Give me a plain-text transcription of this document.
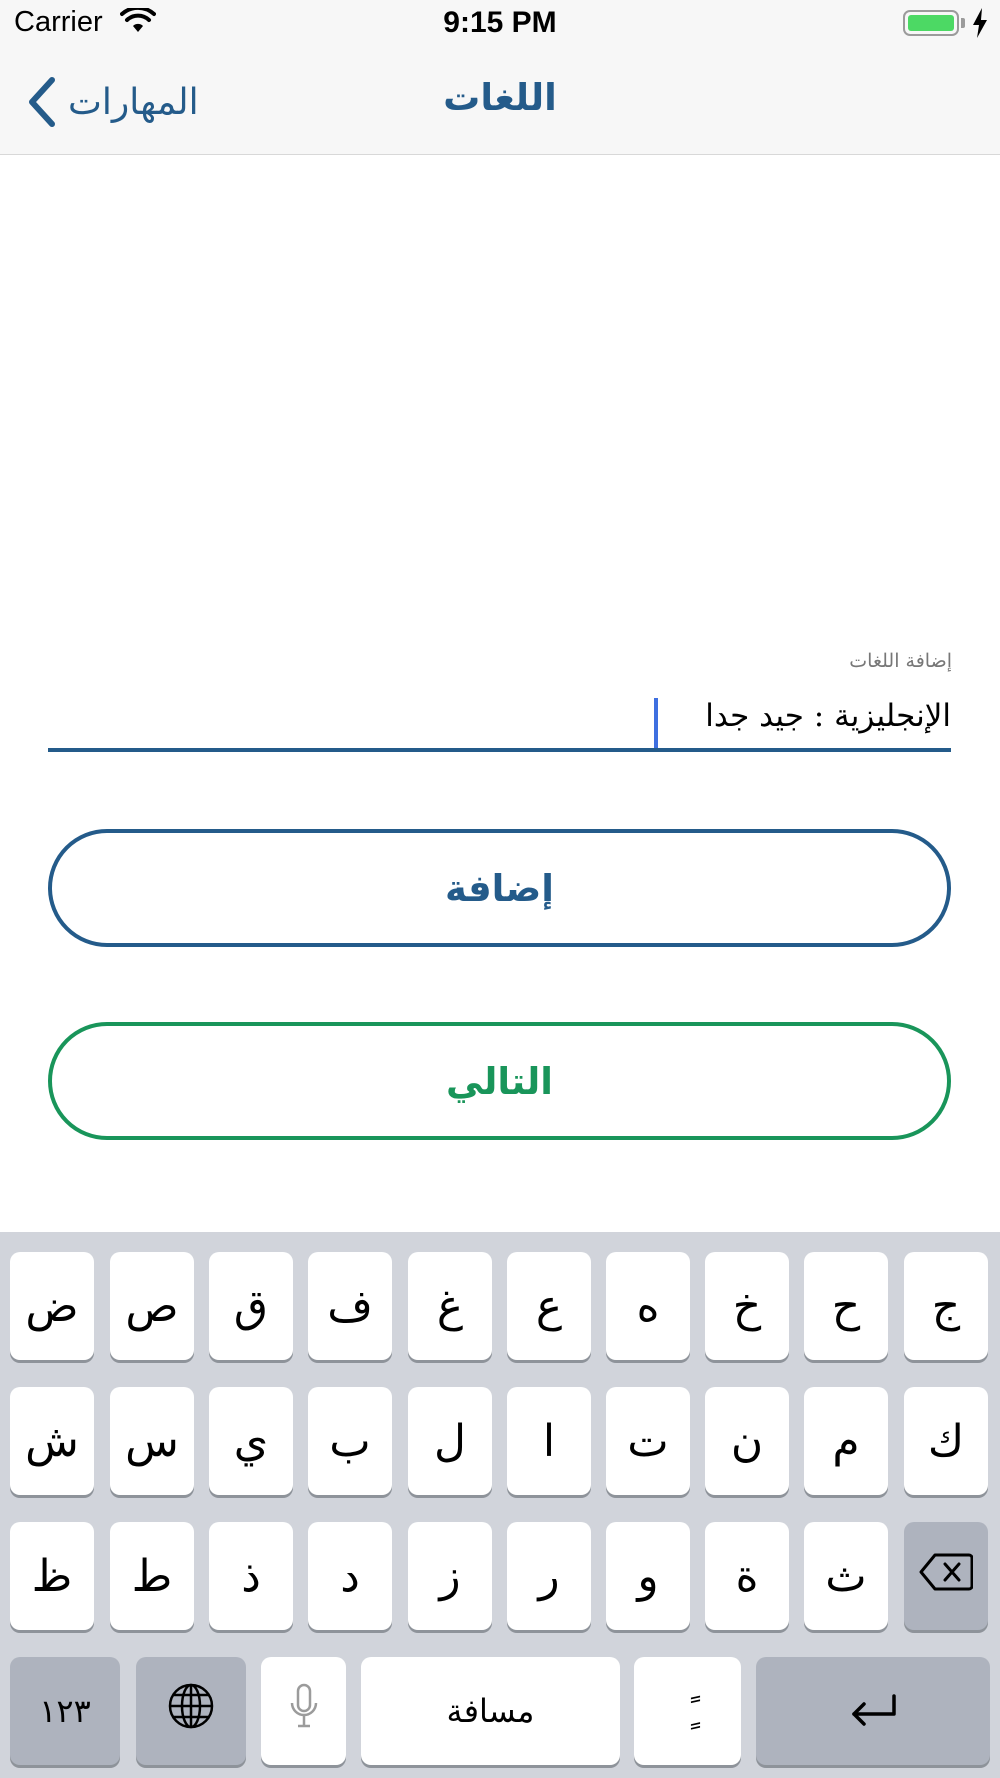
Carrier	9:15 PM
المهارات	اللغات
إضافة اللغات
الإنجليزية : جيد جدا
إضافة
التالي
ض	ص	ق	ف	غ	ع	ه	خ	ح	ج
ش	س	ي	ب	ل	ا	ت	ن	م	ك
ظ	ط	ذ	د	ز	ر	و	ة	ث
١٢٣	مسافة
